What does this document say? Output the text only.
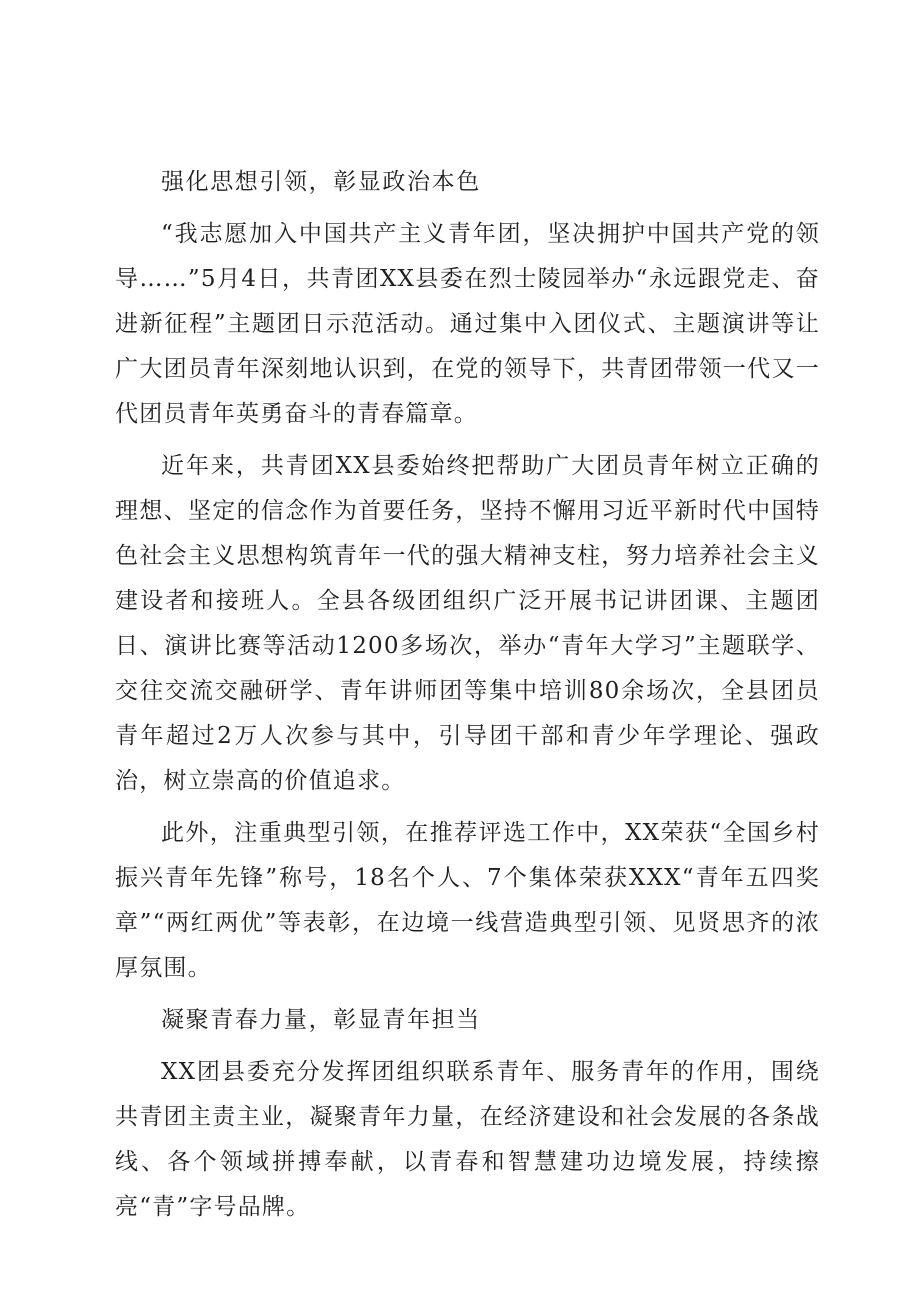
强化思想引领，彰显政治本色

“我志愿加入中国共产主义青年团，坚决拥护中国共产党的领导……”5月4日，共青团XX县委在烈士陵园举办“永远跟党走、奋进新征程”主题团日示范活动。通过集中入团仪式、主题演讲等让广大团员青年深刻地认识到，在党的领导下，共青团带领一代又一代团员青年英勇奋斗的青春篇章。

近年来，共青团XX县委始终把帮助广大团员青年树立正确的理想、坚定的信念作为首要任务，坚持不懈用习近平新时代中国特色社会主义思想构筑青年一代的强大精神支柱，努力培养社会主义建设者和接班人。全县各级团组织广泛开展书记讲团课、主题团日、演讲比赛等活动1200多场次，举办“青年大学习”主题联学、交往交流交融研学、青年讲师团等集中培训80余场次，全县团员青年超过2万人次参与其中，引导团干部和青少年学理论、强政治，树立崇高的价值追求。

此外，注重典型引领，在推荐评选工作中，XX荣获“全国乡村振兴青年先锋”称号，18名个人、7个集体荣获XXX“青年五四奖章”“两红两优”等表彰，在边境一线营造典型引领、见贤思齐的浓厚氛围。

凝聚青春力量，彰显青年担当

XX团县委充分发挥团组织联系青年、服务青年的作用，围绕共青团主责主业，凝聚青年力量，在经济建设和社会发展的各条战线、各个领域拼搏奉献，以青春和智慧建功边境发展，持续擦亮“青”字号品牌。
